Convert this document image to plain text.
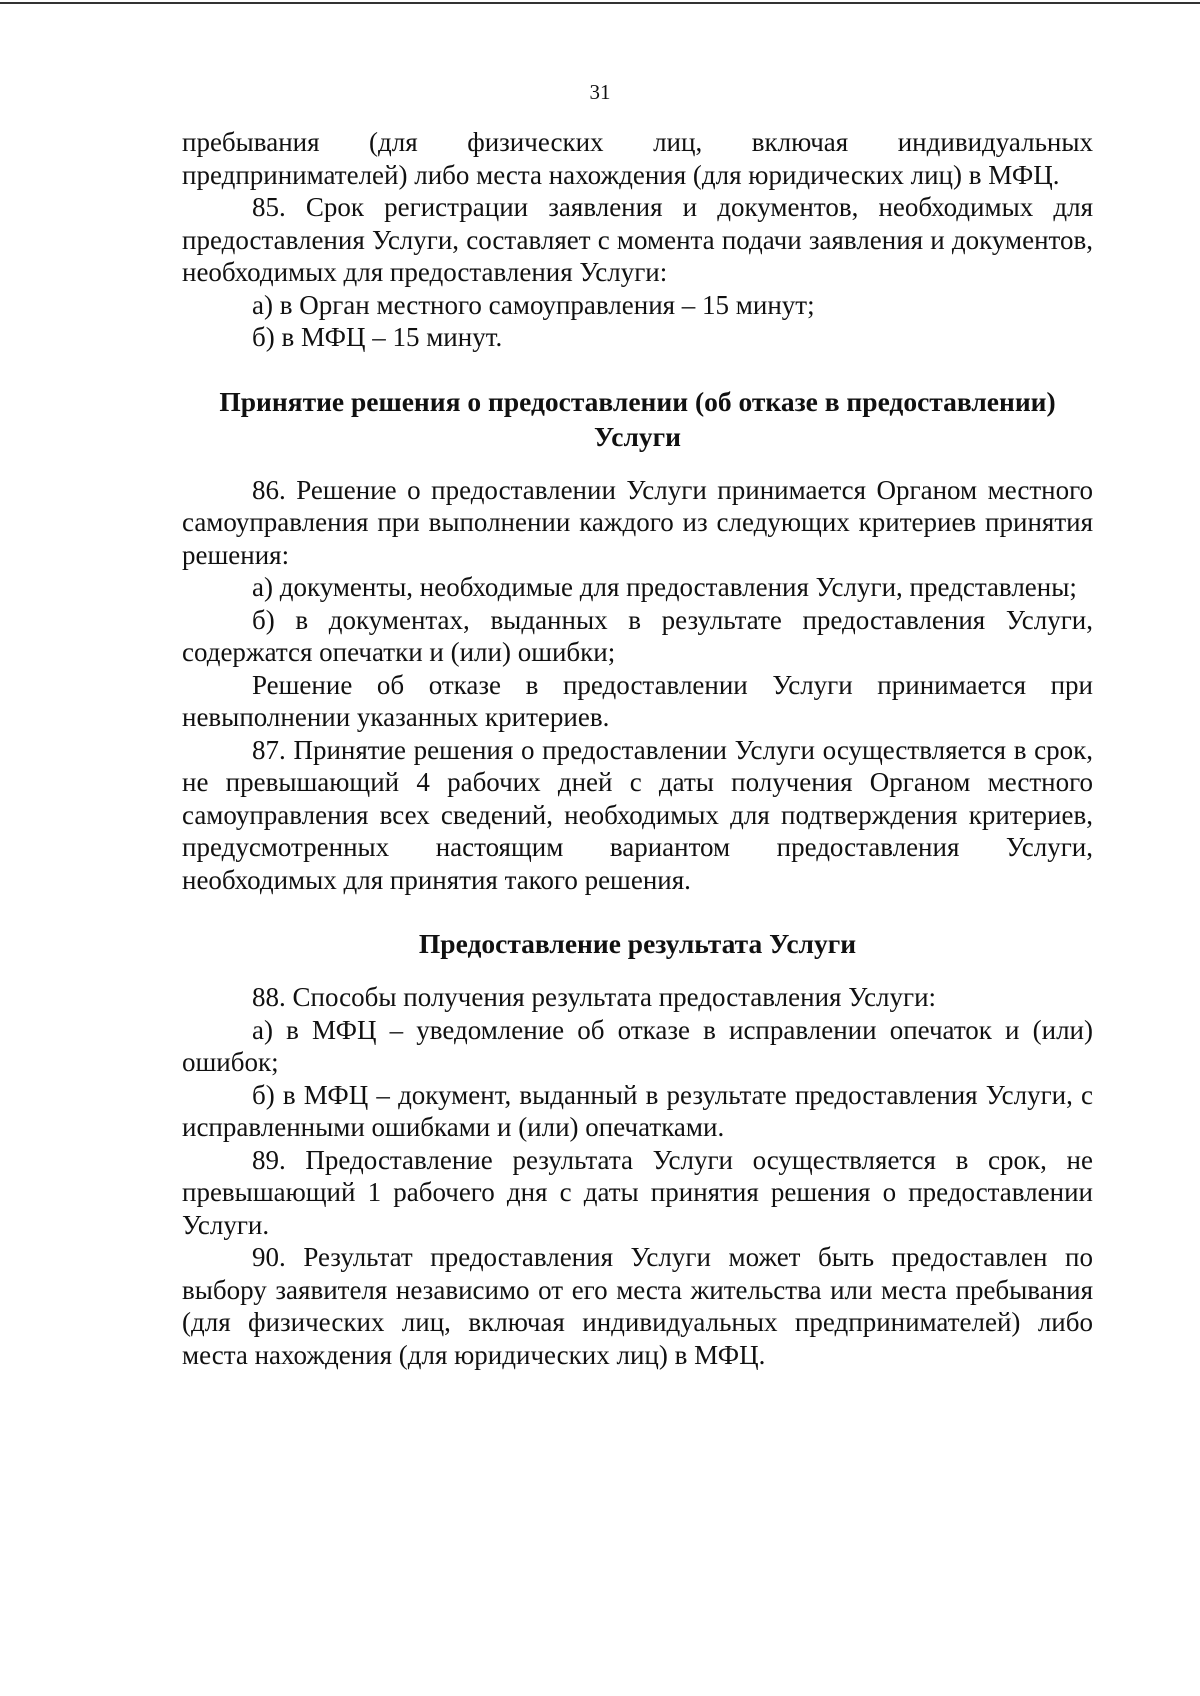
31

пребывания (для физических лиц, включая индивидуальных предпринимателей) либо места нахождения (для юридических лиц) в МФЦ.

85. Срок регистрации заявления и документов, необходимых для предоставления Услуги, составляет с момента подачи заявления и документов, необходимых для предоставления Услуги:

а) в Орган местного самоуправления – 15 минут;

б) в МФЦ – 15 минут.

Принятие решения о предоставлении (об отказе в предоставлении) Услуги

86. Решение о предоставлении Услуги принимается Органом местного самоуправления при выполнении каждого из следующих критериев принятия решения:

а) документы, необходимые для предоставления Услуги, представлены;

б) в документах, выданных в результате предоставления Услуги, содержатся опечатки и (или) ошибки;

Решение об отказе в предоставлении Услуги принимается при невыполнении указанных критериев.

87. Принятие решения о предоставлении Услуги осуществляется в срок, не превышающий 4 рабочих дней с даты получения Органом местного самоуправления всех сведений, необходимых для подтверждения критериев, предусмотренных настоящим вариантом предоставления Услуги, необходимых для принятия такого решения.

Предоставление результата Услуги

88. Способы получения результата предоставления Услуги:

а) в МФЦ – уведомление об отказе в исправлении опечаток и (или) ошибок;

б) в МФЦ – документ, выданный в результате предоставления Услуги, с исправленными ошибками и (или) опечатками.

89. Предоставление результата Услуги осуществляется в срок, не превышающий 1 рабочего дня с даты принятия решения о предоставлении Услуги.

90. Результат предоставления Услуги может быть предоставлен по выбору заявителя независимо от его места жительства или места пребывания (для физических лиц, включая индивидуальных предпринимателей) либо места нахождения (для юридических лиц) в МФЦ.
